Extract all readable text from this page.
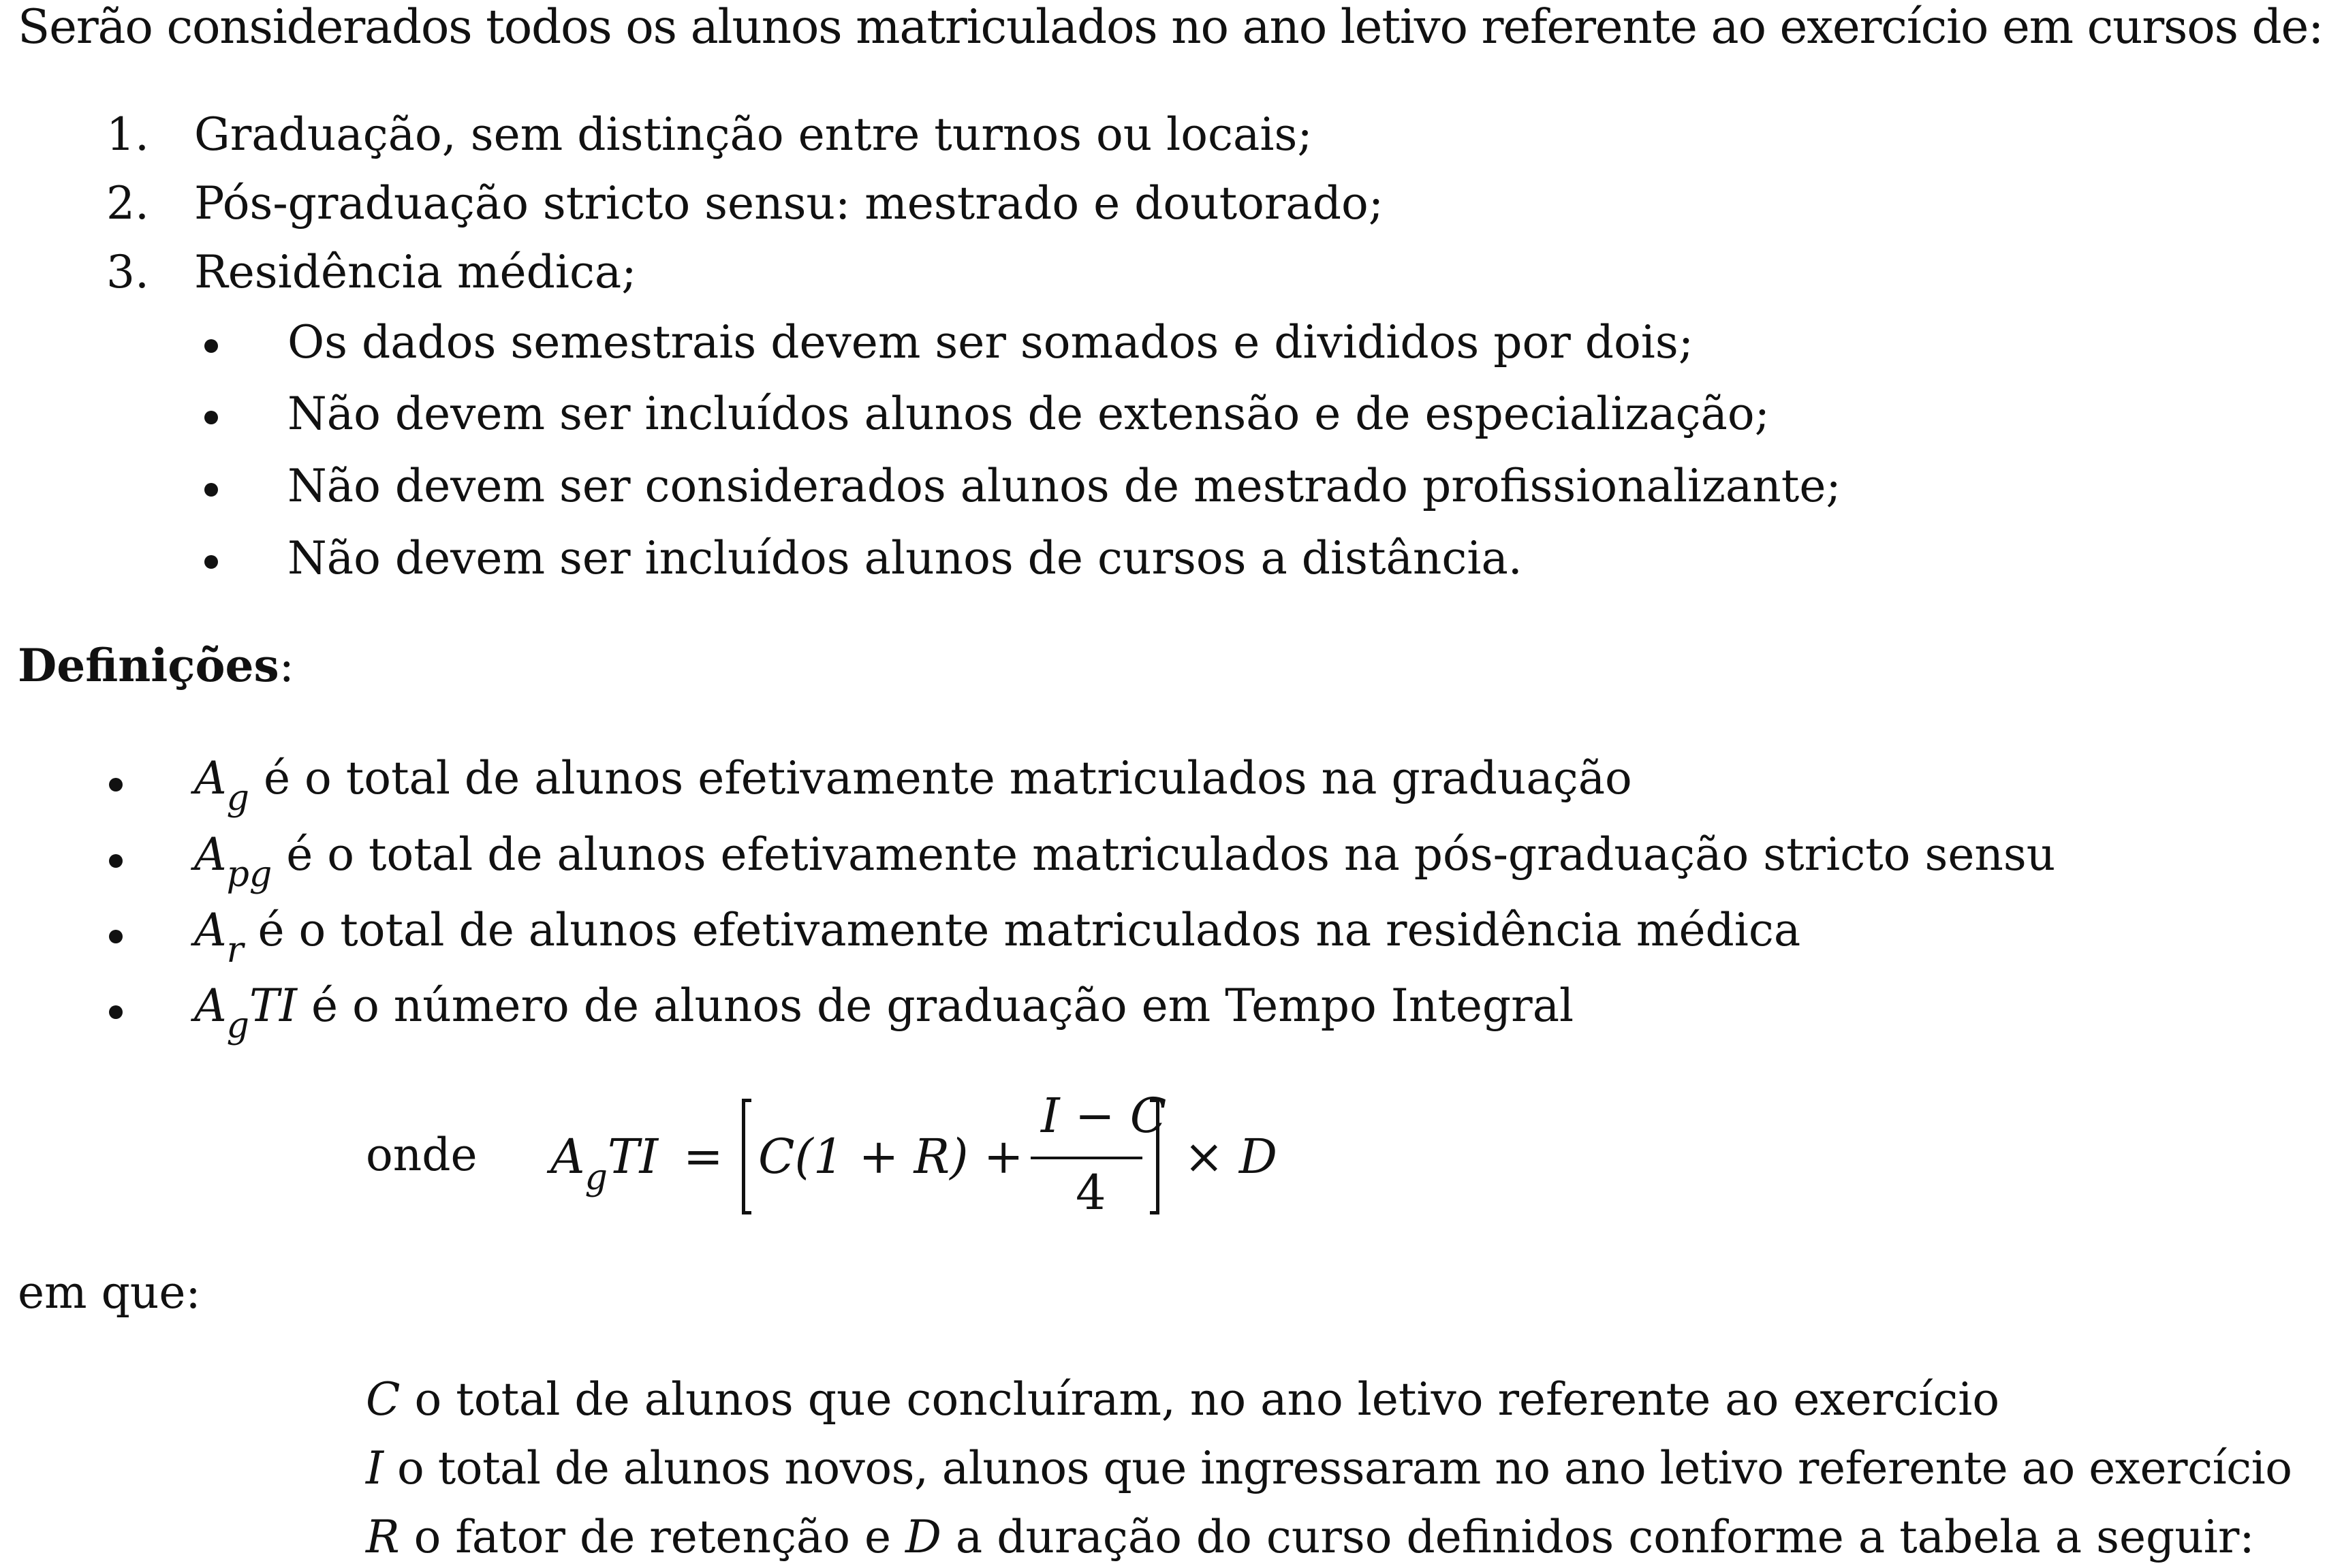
Serão considerados todos os alunos matriculados no ano letivo referente ao exercício em cursos de:
1. Graduação, sem distinção entre turnos ou locais;
2. Pós-graduação stricto sensu: mestrado e doutorado;
3. Residência médica;
Os dados semestrais devem ser somados e divididos por dois;
Não devem ser incluídos alunos de extensão e de especialização;
Não devem ser considerados alunos de mestrado profissionalizante;
Não devem ser incluídos alunos de cursos a distância.
Definições:
$A_g$ é o total de alunos efetivamente matriculados na graduação
$A_{pg}$ é o total de alunos efetivamente matriculados na pós-graduação stricto sensu
$A_r$ é o total de alunos efetivamente matriculados na residência médica
$A_gTI$ é o número de alunos de graduação em Tempo Integral
onde	$A_gTI = C(1 + R)$ +
I − C
4
× D
em que:
C o total de alunos que concluíram, no ano letivo referente ao exercício
I o total de alunos novos, alunos que ingressaram no ano letivo referente ao exercício
R o fator de retenção e D a duração do curso definidos conforme a tabela a seguir:
